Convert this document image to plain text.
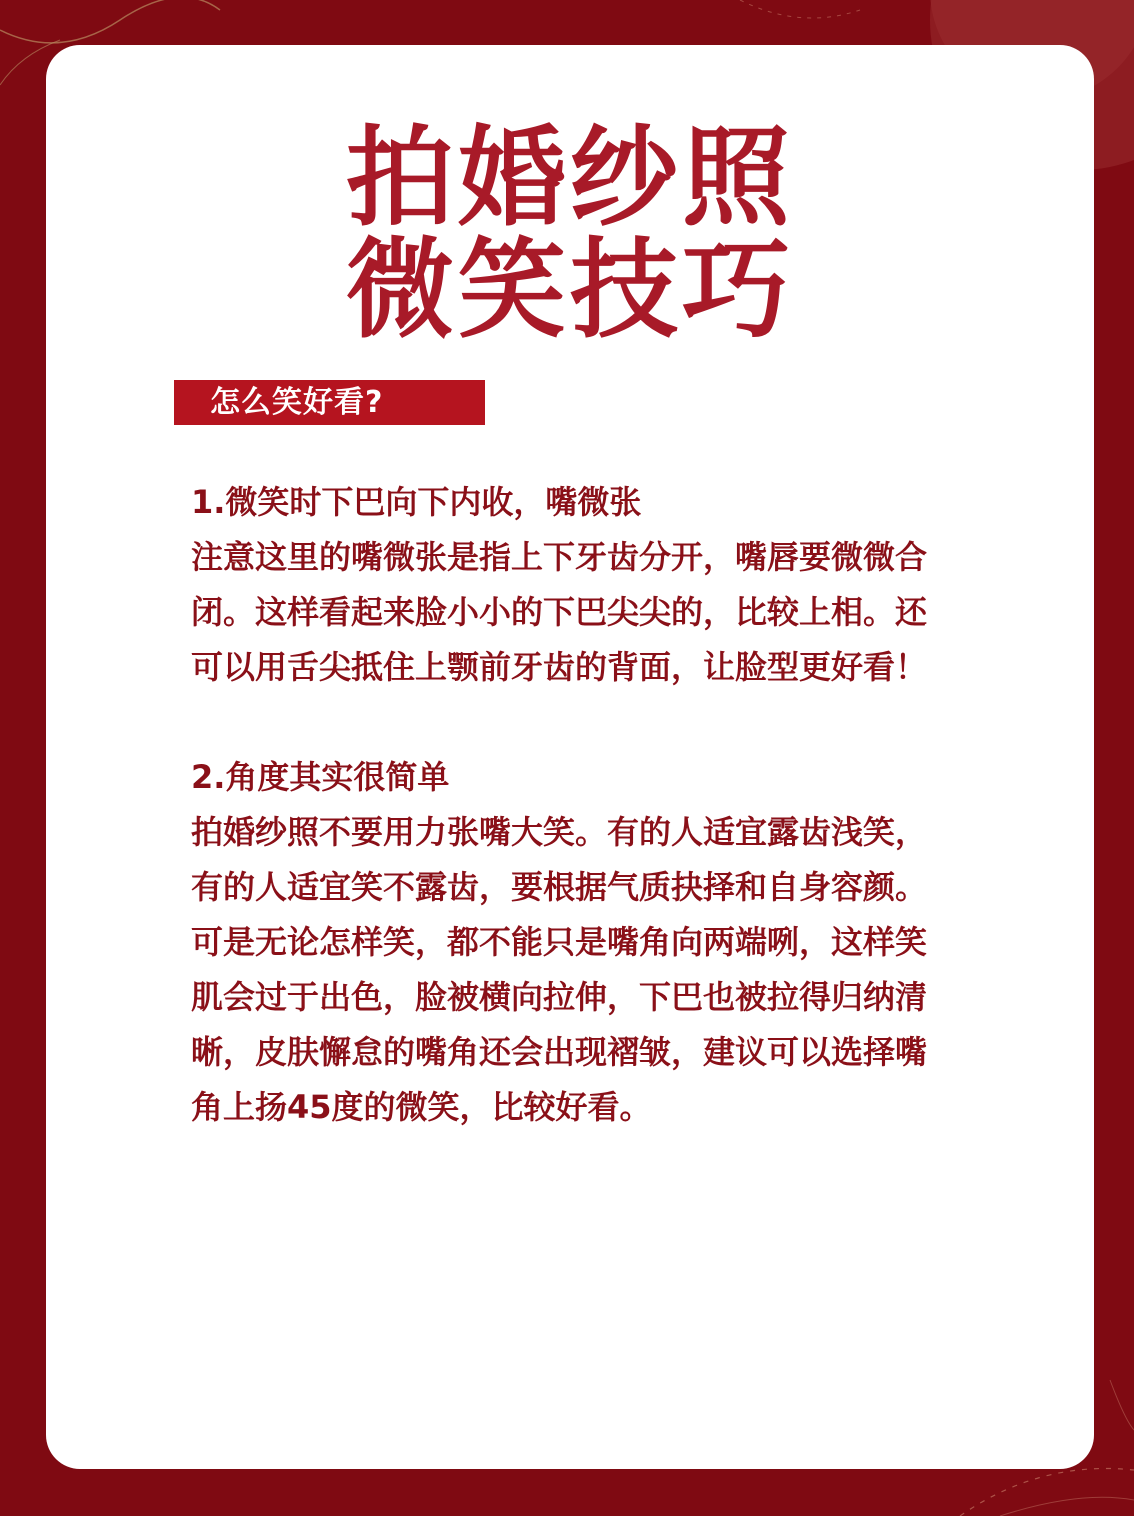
拍婚纱照
微笑技巧
怎么笑好看?

1.微笑时下巴向下内收，嘴微张
注意这里的嘴微张是指上下牙齿分开，嘴唇要微微合闭。这样看起来脸小小的下巴尖尖的，比较上相。还可以用舌尖抵住上颚前牙齿的背面，让脸型更好看！

2.角度其实很简单
拍婚纱照不要用力张嘴大笑。有的人适宜露齿浅笑，有的人适宜笑不露齿，要根据气质抉择和自身容颜。可是无论怎样笑，都不能只是嘴角向两端咧，这样笑肌会过于出色，脸被横向拉伸，下巴也被拉得归纳清晰，皮肤懈怠的嘴角还会出现褶皱，建议可以选择嘴角上扬45度的微笑，比较好看。
